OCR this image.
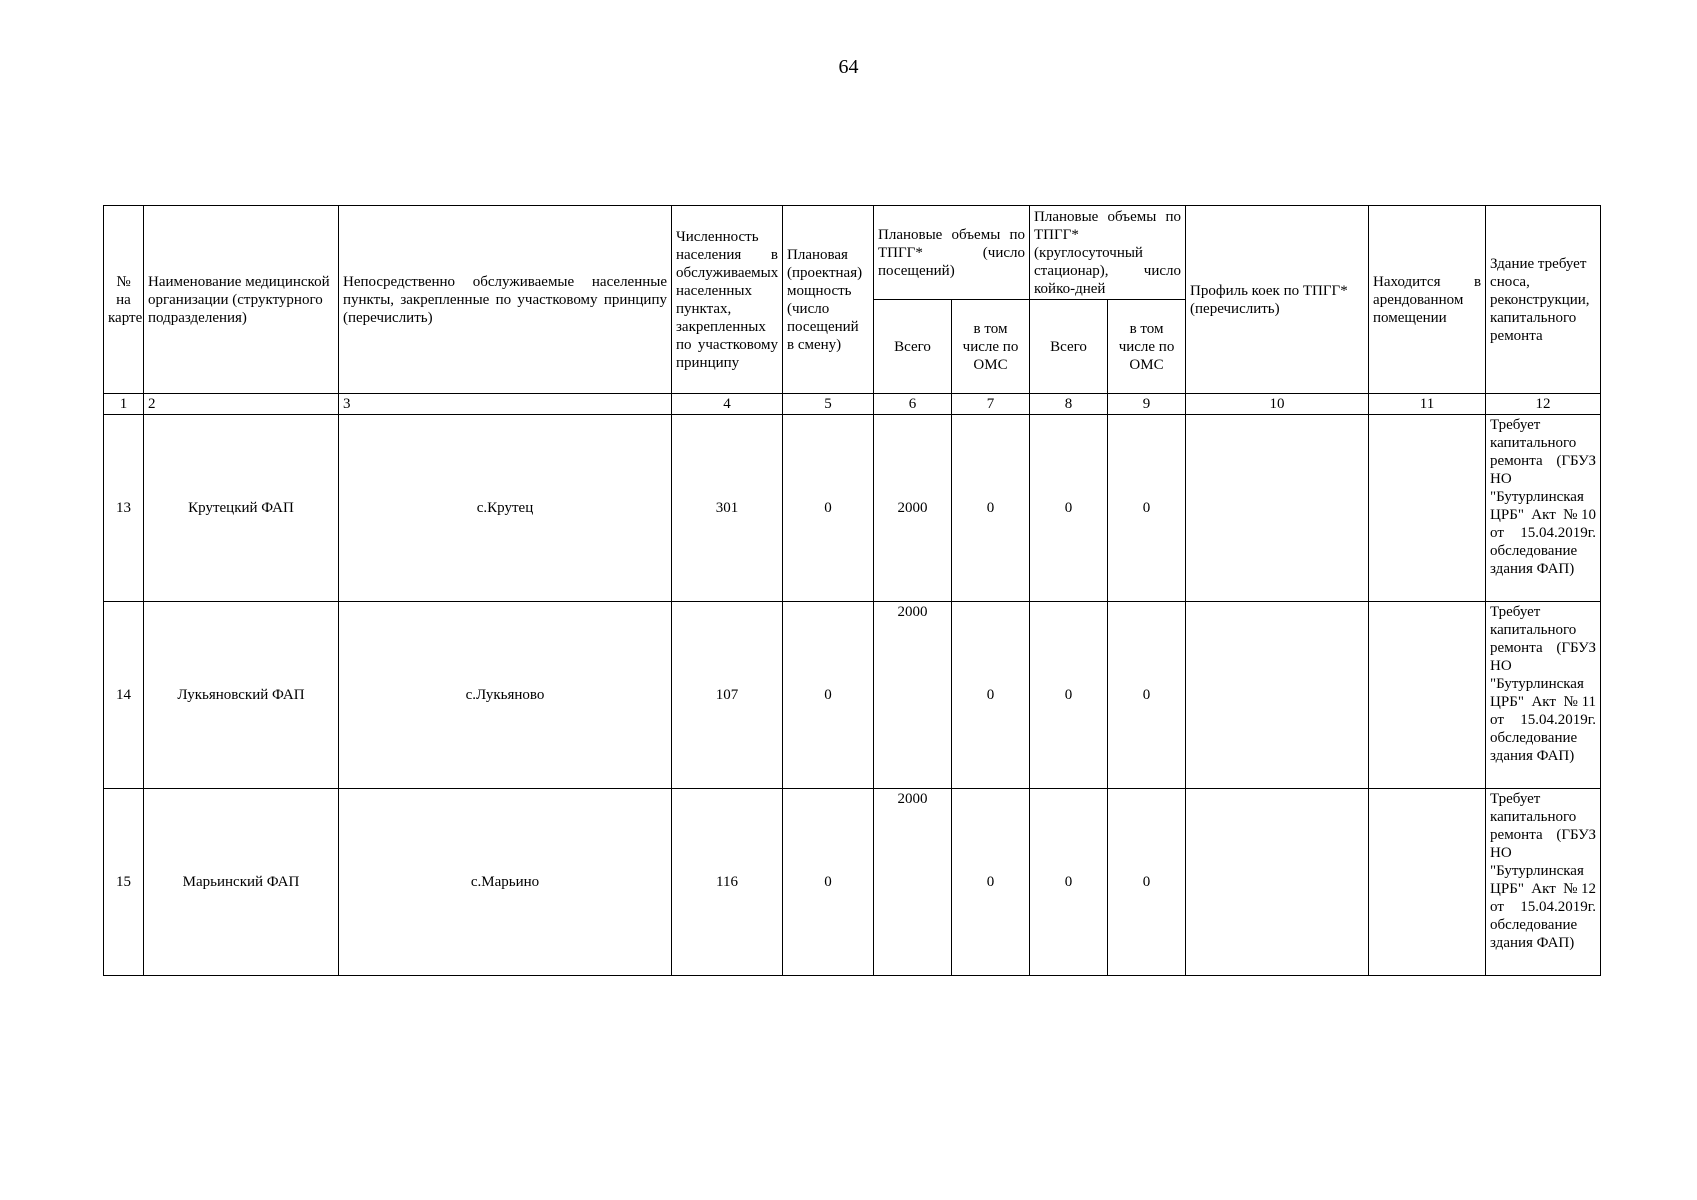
64
№ на карте	Наименование медицинской организации (структурного подразделения)	Непосредственно обслуживаемые населенные пункты, закрепленные по участковому принципу (перечислить)	Численность населения в обслуживаемых населенных пунктах, закрепленных по участковому принципу	Плановая (проектная) мощность (число посещений в смену)	Плановые объемы по ТПГГ* (число посещений)		Плановые объемы по ТПГГ* (круглосуточный стационар), число койко-дней		Профиль коек по ТПГГ* (перечислить)	Находится в арендованном помещении	Здание требует сноса, реконструкции, капитального ремонта
					Всего	в том числе по ОМС	Всего	в том числе по ОМС			
1	2	3	4	5	6	7	8	9	10	11	12
13	Крутецкий ФАП	с.Крутец	301	0	2000	0	0	0			Требует капитального ремонта (ГБУЗ НО "Бутурлинская ЦРБ" Акт №10 от 15.04.2019г. обследование здания ФАП)
14	Лукьяновский ФАП	с.Лукьяново	107	0	2000	0	0	0			Требует капитального ремонта (ГБУЗ НО "Бутурлинская ЦРБ" Акт №11 от 15.04.2019г. обследование здания ФАП)
15	Марьинский ФАП	с.Марьино	116	0	2000	0	0	0			Требует капитального ремонта (ГБУЗ НО "Бутурлинская ЦРБ" Акт №12 от 15.04.2019г. обследование здания ФАП)
